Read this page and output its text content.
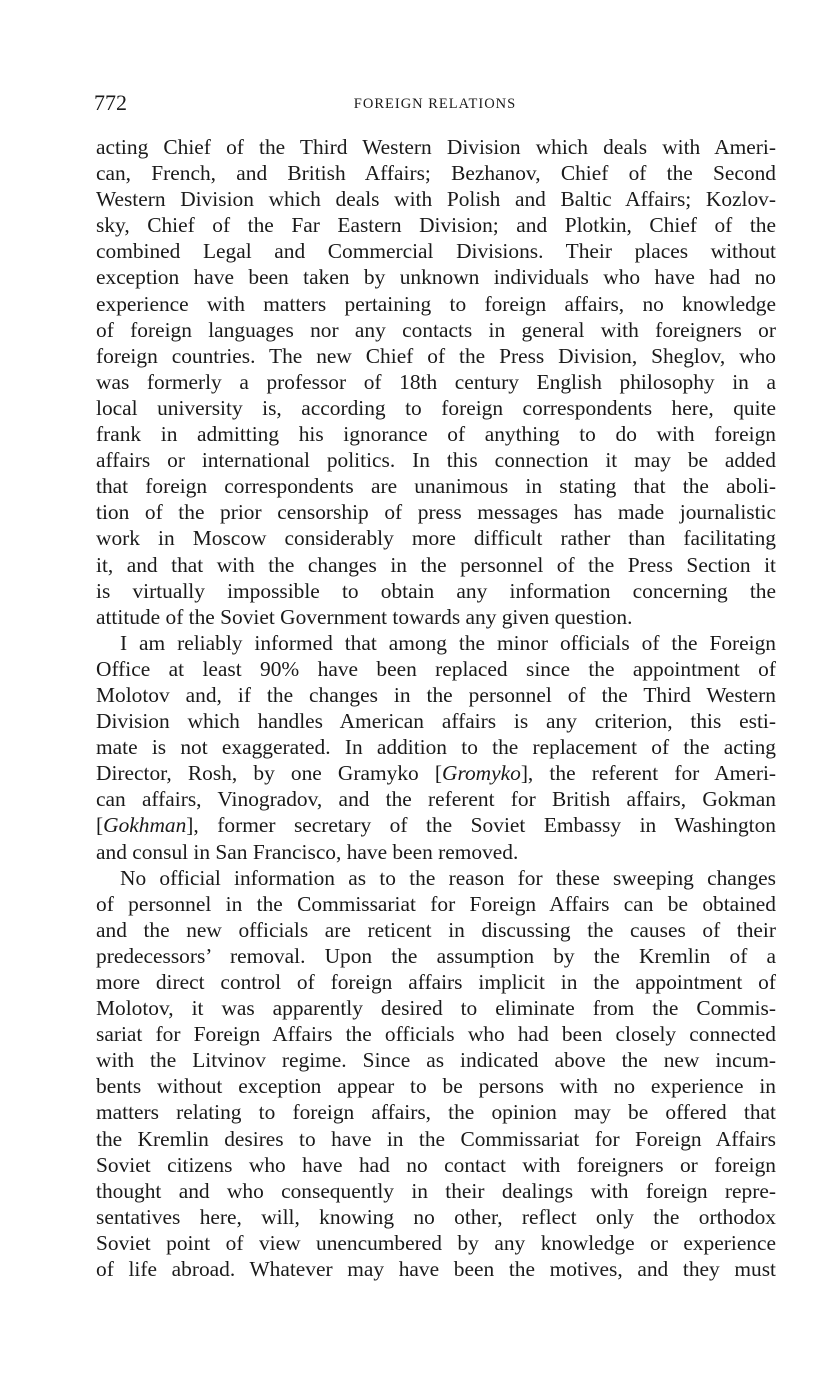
772	FOREIGN RELATIONS

acting Chief of the Third Western Division which deals with Ameri-
can, French, and British Affairs; Bezhanov, Chief of the Second
Western Division which deals with Polish and Baltic Affairs; Kozlov-
sky, Chief of the Far Eastern Division; and Plotkin, Chief of the
combined Legal and Commercial Divisions. Their places without
exception have been taken by unknown individuals who have had no
experience with matters pertaining to foreign affairs, no knowledge
of foreign languages nor any contacts in general with foreigners or
foreign countries. The new Chief of the Press Division, Sheglov, who
was formerly a professor of 18th century English philosophy in a
local university is, according to foreign correspondents here, quite
frank in admitting his ignorance of anything to do with foreign
affairs or international politics. In this connection it may be added
that foreign correspondents are unanimous in stating that the aboli-
tion of the prior censorship of press messages has made journalistic
work in Moscow considerably more difficult rather than facilitating
it, and that with the changes in the personnel of the Press Section it
is virtually impossible to obtain any information concerning the
attitude of the Soviet Government towards any given question.

I am reliably informed that among the minor officials of the Foreign
Office at least 90% have been replaced since the appointment of
Molotov and, if the changes in the personnel of the Third Western
Division which handles American affairs is any criterion, this esti-
mate is not exaggerated. In addition to the replacement of the acting
Director, Rosh, by one Gramyko [Gromyko], the referent for Ameri-
can affairs, Vinogradov, and the referent for British affairs, Gokman
[Gokhman], former secretary of the Soviet Embassy in Washington
and consul in San Francisco, have been removed.

No official information as to the reason for these sweeping changes
of personnel in the Commissariat for Foreign Affairs can be obtained
and the new officials are reticent in discussing the causes of their
predecessors’ removal. Upon the assumption by the Kremlin of a
more direct control of foreign affairs implicit in the appointment of
Molotov, it was apparently desired to eliminate from the Commis-
sariat for Foreign Affairs the officials who had been closely connected
with the Litvinov regime. Since as indicated above the new incum-
bents without exception appear to be persons with no experience in
matters relating to foreign affairs, the opinion may be offered that
the Kremlin desires to have in the Commissariat for Foreign Affairs
Soviet citizens who have had no contact with foreigners or foreign
thought and who consequently in their dealings with foreign repre-
sentatives here, will, knowing no other, reflect only the orthodox
Soviet point of view unencumbered by any knowledge or experience
of life abroad. Whatever may have been the motives, and they must
